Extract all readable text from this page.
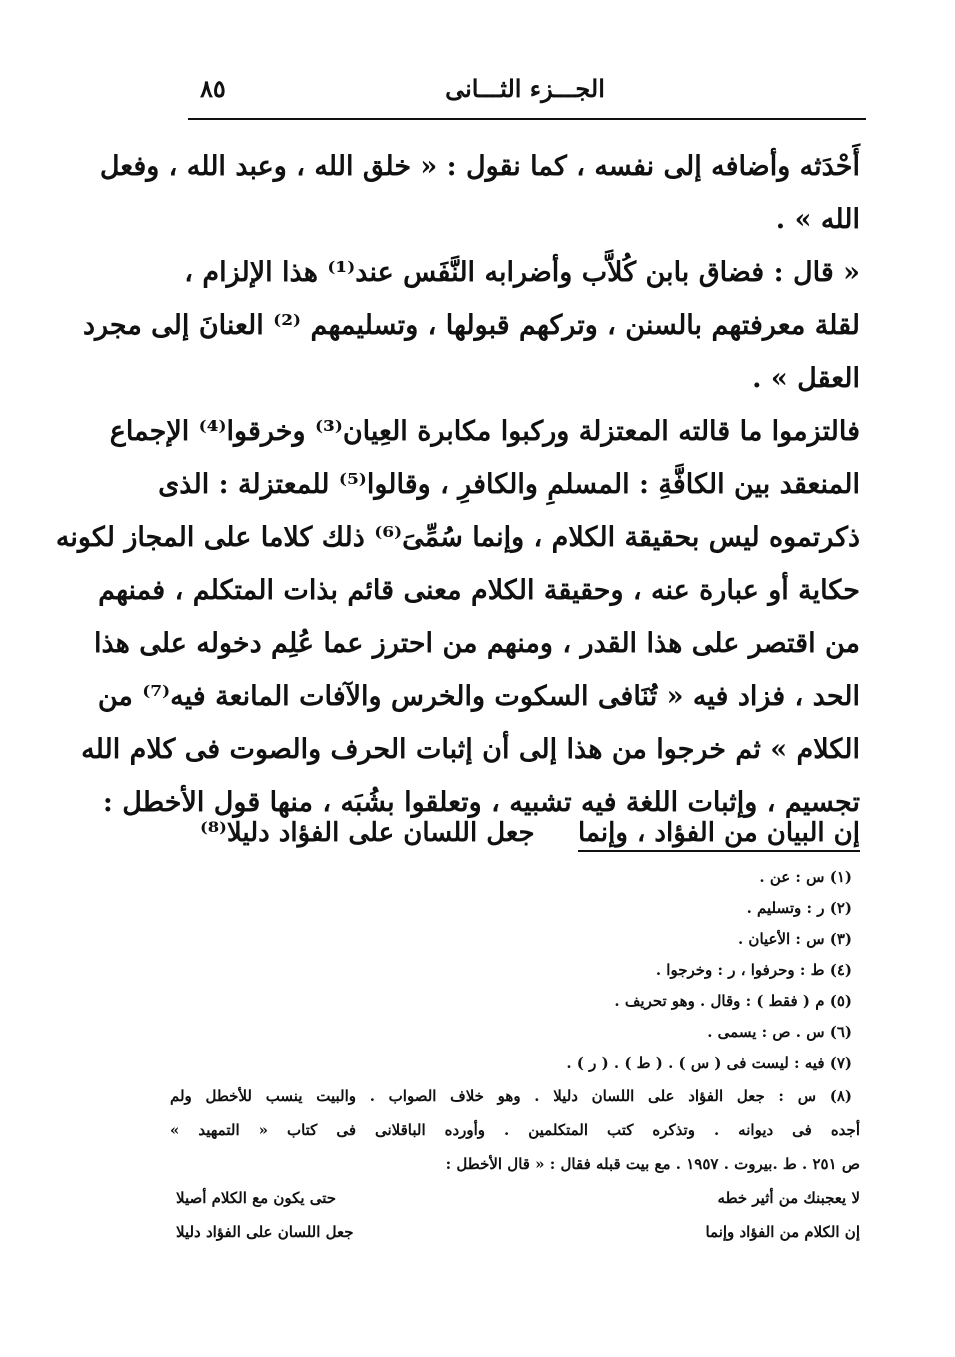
٨٥	الجـــزء الثـــانى
أَحْدَثه وأضافه إلى نفسه ، كما نقول : « خلق الله ، وعبد الله ، وفعل
الله » .
« قال : فضاق بابن كُلاَّب وأضرابه النَّفَس عند⁽¹⁾ هذا الإلزام ،
لقلة معرفتهم بالسنن ، وتركهم قبولها ، وتسليمهم ⁽²⁾ العنانَ إلى مجرد
العقل » .
فالتزموا ما قالته المعتزلة وركبوا مكابرة العِيان⁽³⁾ وخرقوا⁽⁴⁾ الإجماع
المنعقد بين الكافَّةِ : المسلمِ والكافرِ ، وقالوا⁽⁵⁾ للمعتزلة : الذى
ذكرتموه ليس بحقيقة الكلام ، وإنما سُمِّىَ⁽⁶⁾ ذلك كلاما على المجاز لكونه
حكاية أو عبارة عنه ، وحقيقة الكلام معنى قائم بذات المتكلم ، فمنهم
من اقتصر على هذا القدر ، ومنهم من احترز عما عُلِم دخوله على هذا
الحد ، فزاد فيه « تُنَافى السكوت والخرس والآفات المانعة فيه⁽⁷⁾ من
الكلام » ثم خرجوا من هذا إلى أن إثبات الحرف والصوت فى كلام الله
تجسيم ، وإثبات اللغة فيه تشبيه ، وتعلقوا بشُبَه ، منها قول الأخطل :
إن البيان من الفؤاد ، وإنما
جعل اللسان على الفؤاد دليلا⁽⁸⁾
(١) س : عن .
(٢) ر : وتسليم .
(٣) س : الأعيان .
(٤) ط : وحرفوا ، ر : وخرجوا .
(٥) م ( فقط ) : وقال . وهو تحريف .
(٦) س . ص : يسمى .
(٧) فيه : ليست فى ( س ) . ( ط ) . ( ر ) .
(٨) س : جعل الفؤاد على اللسان دليلا . وهو خلاف الصواب . والبيت ينسب للأخطل ولم
أجده فى ديوانه . وتذكره كتب المتكلمين . وأورده الباقلانى فى كتاب « التمهيد »
ص ٢٥١ . ط .بيروت . ١٩٥٧ . مع بيت قبله فقال : « قال الأخطل :
لا يعجبنك من أثير خطه
حتى يكون مع الكلام أصيلا
إن الكلام من الفؤاد وإنما
جعل اللسان على الفؤاد دليلا
